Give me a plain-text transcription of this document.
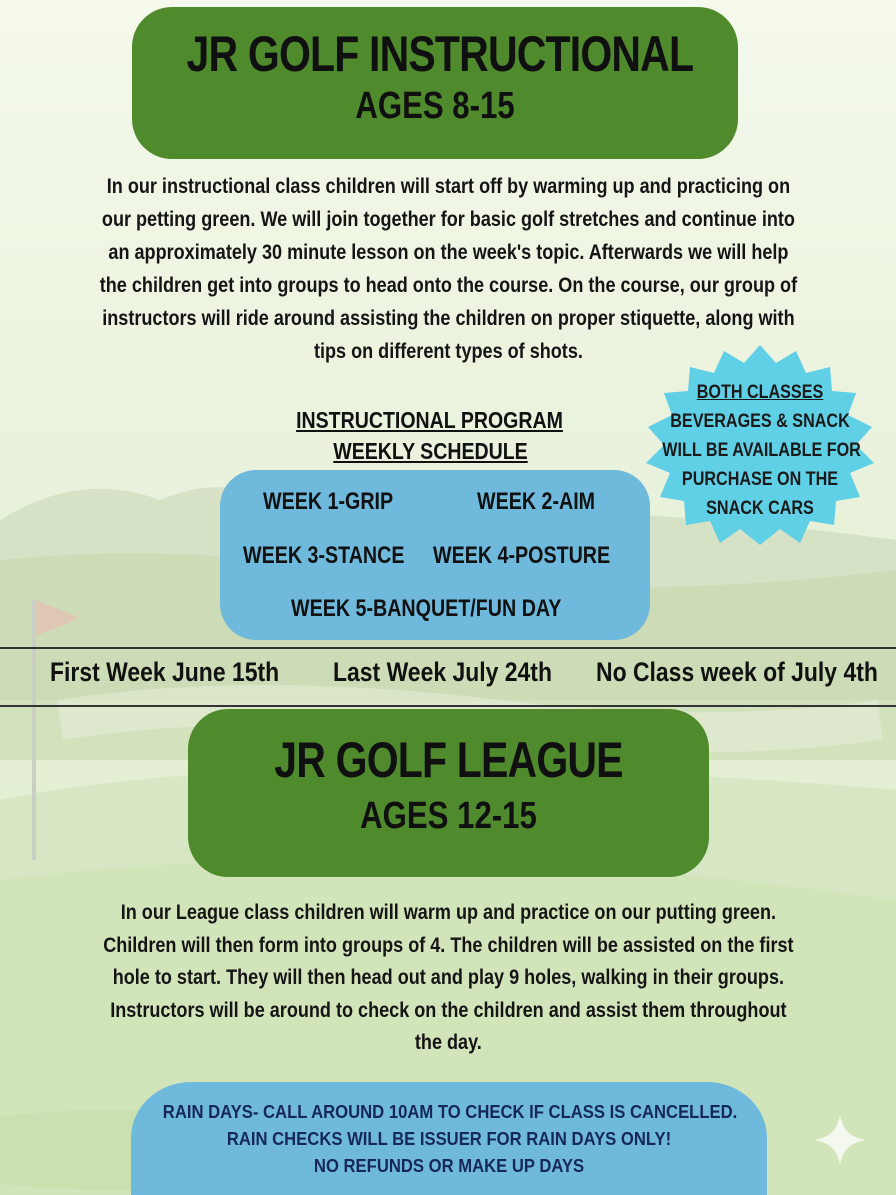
JR GOLF INSTRUCTIONAL
AGES 8-15
In our instructional class children will start off by warming up and practicing on
our petting green. We will join together for basic golf stretches and continue into
an approximately 30 minute lesson on the week's topic. Afterwards we will help
the children get into groups to head onto the course. On the course, our group of
instructors will ride around assisting the children on proper stiquette, along with
tips on different types of shots.
INSTRUCTIONAL PROGRAM
WEEKLY SCHEDULE
WEEK 1-GRIP	WEEK 2-AIM
WEEK 3-STANCE WEEK 4-POSTURE
WEEK 5-BANQUET/FUN DAY
BOTH CLASSES
BEVERAGES & SNACK
WILL BE AVAILABLE FOR
PURCHASE ON THE
SNACK CARS
First Week June 15th Last Week July 24th No Class week of July 4th
JR GOLF LEAGUE
AGES 12-15
In our League class children will warm up and practice on our putting green.
Children will then form into groups of 4. The children will be assisted on the first
hole to start. They will then head out and play 9 holes, walking in their groups.
Instructors will be around to check on the children and assist them throughout
the day.
RAIN DAYS- CALL AROUND 10AM TO CHECK IF CLASS IS CANCELLED.
RAIN CHECKS WILL BE ISSUER FOR RAIN DAYS ONLY!
NO REFUNDS OR MAKE UP DAYS
